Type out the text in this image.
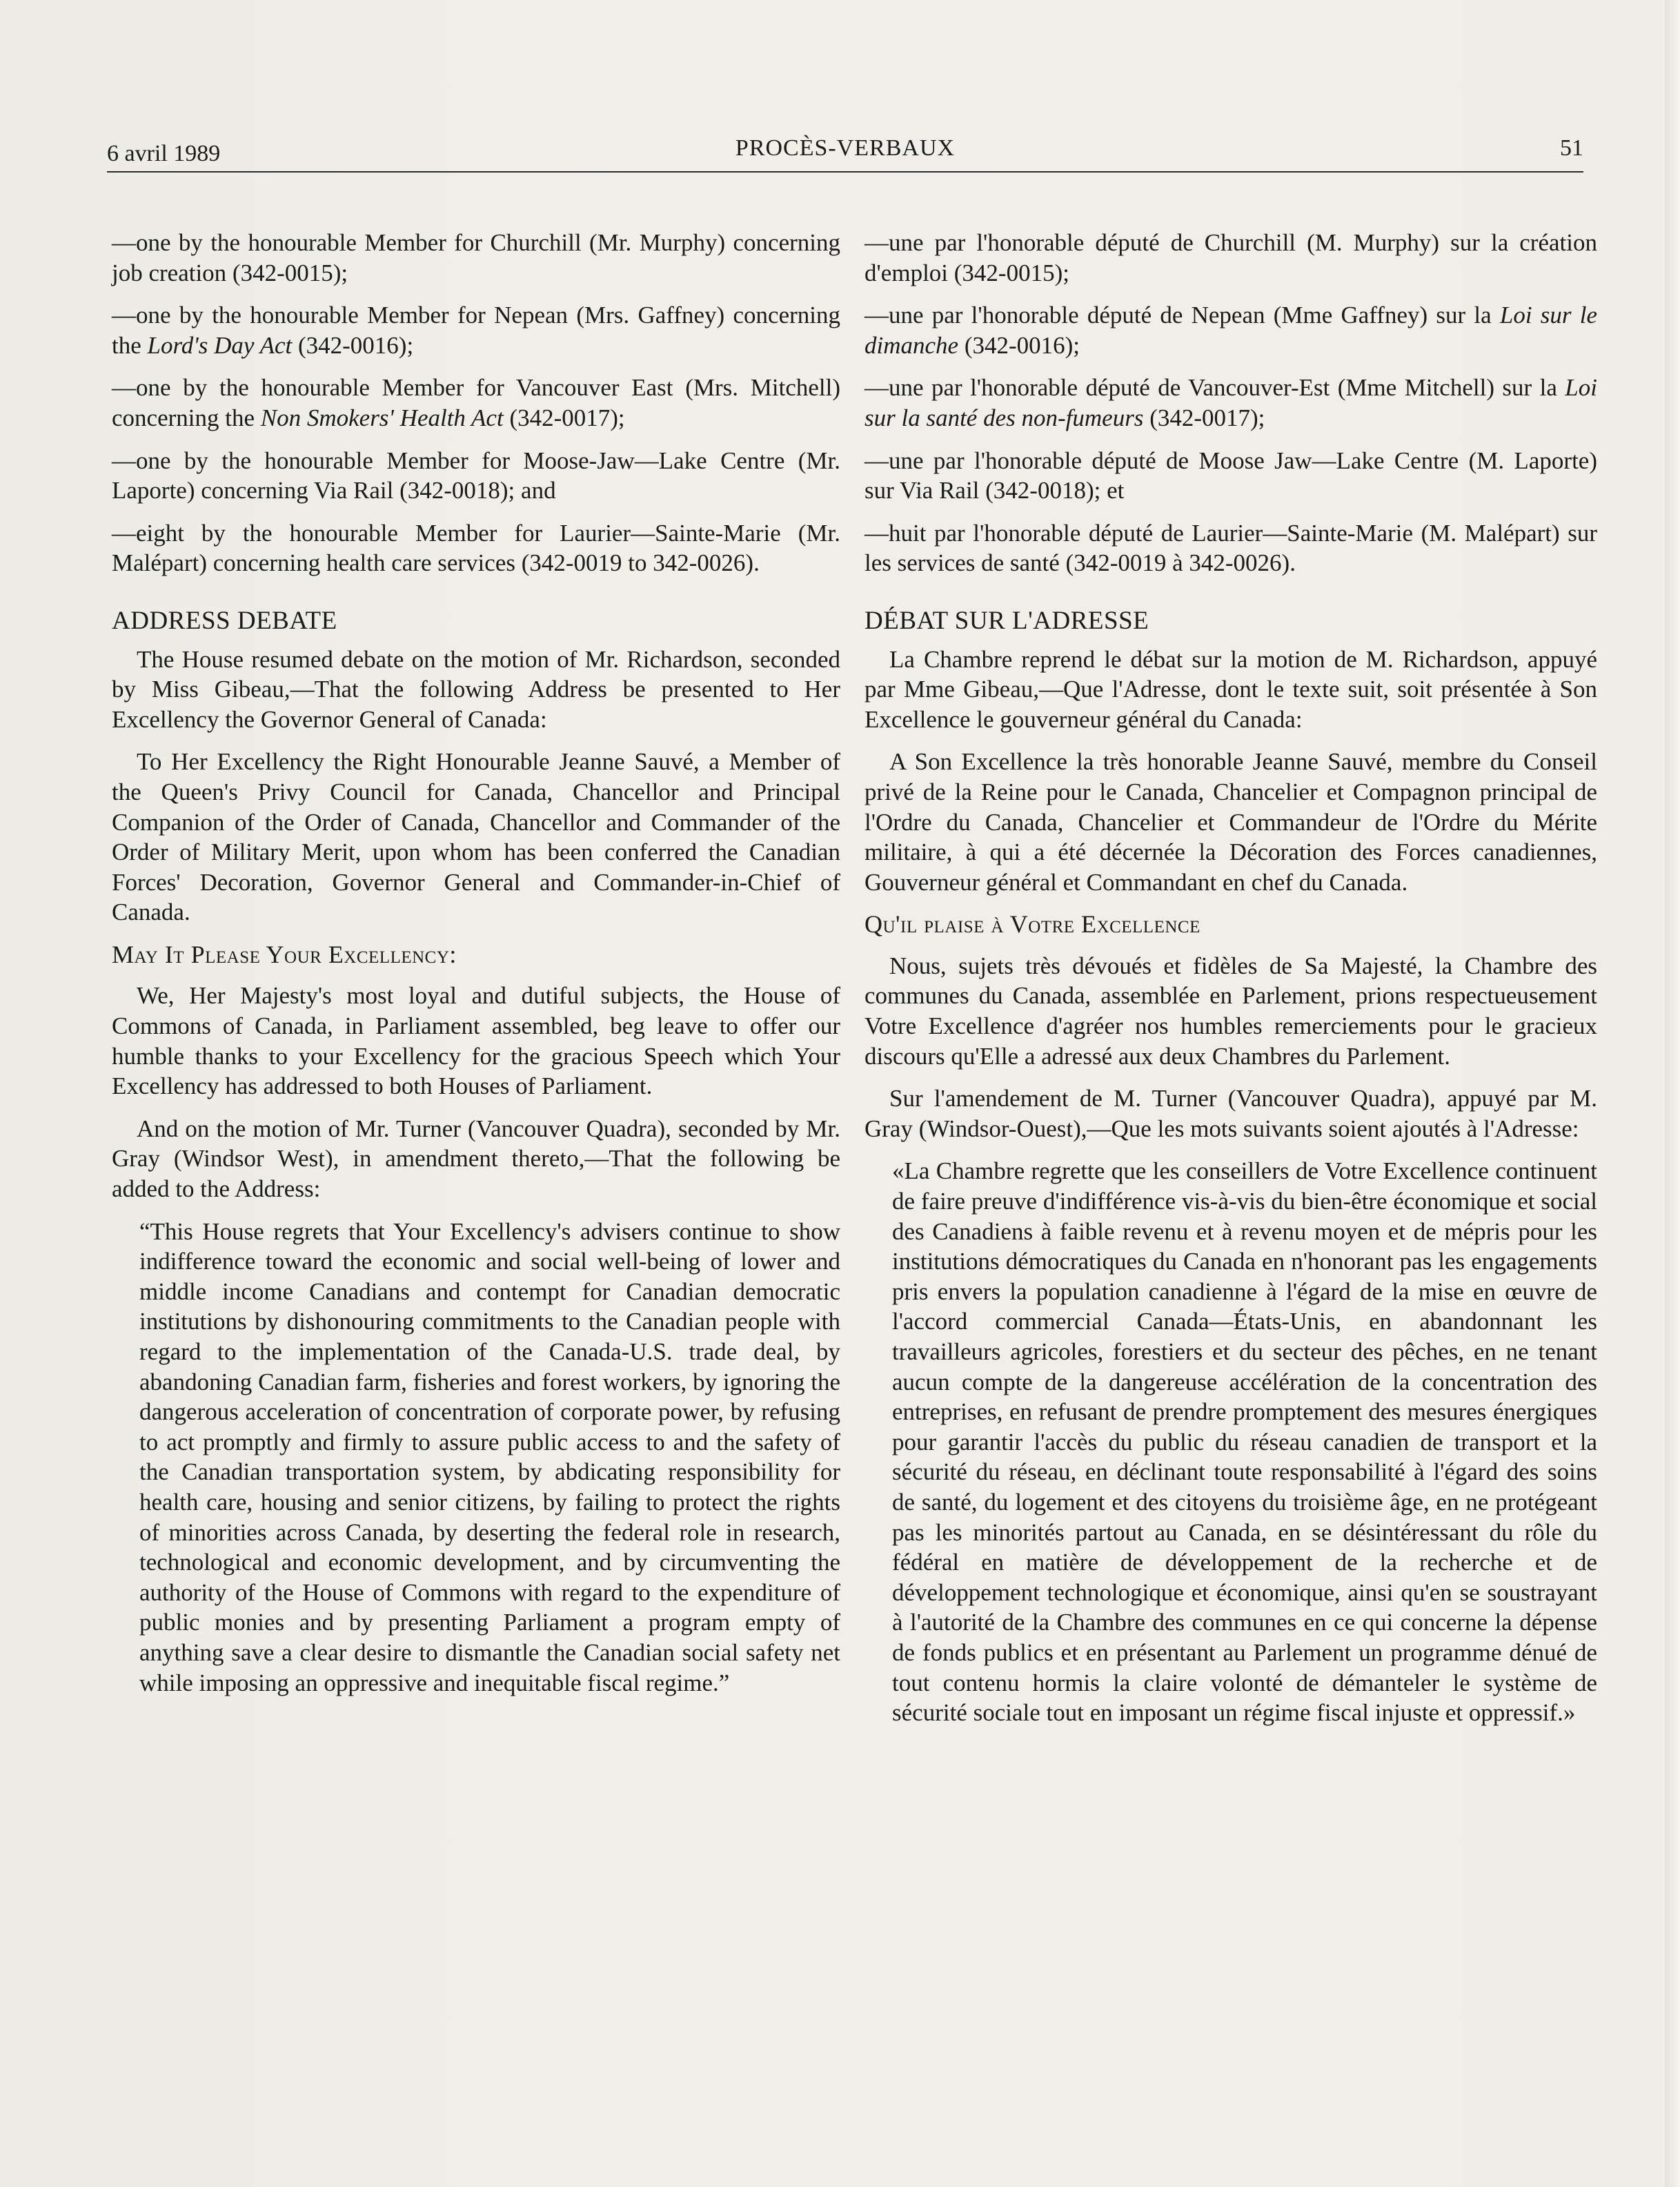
6 avril 1989	PROCÈS-VERBAUX	51

—one by the honourable Member for Churchill (Mr. Murphy) concerning job creation (342-0015);

—one by the honourable Member for Nepean (Mrs. Gaffney) concerning the Lord's Day Act (342-0016);

—one by the honourable Member for Vancouver East (Mrs. Mitchell) concerning the Non Smokers' Health Act (342-0017);

—one by the honourable Member for Moose-Jaw—Lake Centre (Mr. Laporte) concerning Via Rail (342-0018); and

—eight by the honourable Member for Laurier—Sainte-Marie (Mr. Malépart) concerning health care services (342-0019 to 342-0026).

ADDRESS DEBATE

The House resumed debate on the motion of Mr. Richardson, seconded by Miss Gibeau,—That the following Address be presented to Her Excellency the Governor General of Canada:

To Her Excellency the Right Honourable Jeanne Sauvé, a Member of the Queen's Privy Council for Canada, Chancellor and Principal Companion of the Order of Canada, Chancellor and Commander of the Order of Military Merit, upon whom has been conferred the Canadian Forces' Decoration, Governor General and Commander-in-Chief of Canada.

May It Please Your Excellency:

We, Her Majesty's most loyal and dutiful subjects, the House of Commons of Canada, in Parliament assembled, beg leave to offer our humble thanks to your Excellency for the gracious Speech which Your Excellency has addressed to both Houses of Parliament.

And on the motion of Mr. Turner (Vancouver Quadra), seconded by Mr. Gray (Windsor West), in amendment thereto,—That the following be added to the Address:

“This House regrets that Your Excellency's advisers continue to show indifference toward the economic and social well-being of lower and middle income Canadians and contempt for Canadian democratic institutions by dishonouring commitments to the Canadian people with regard to the implementation of the Canada-U.S. trade deal, by abandoning Canadian farm, fisheries and forest workers, by ignoring the dangerous acceleration of concentration of corporate power, by refusing to act promptly and firmly to assure public access to and the safety of the Canadian transportation system, by abdicating responsibility for health care, housing and senior citizens, by failing to protect the rights of minorities across Canada, by deserting the federal role in research, technological and economic development, and by circumventing the authority of the House of Commons with regard to the expenditure of public monies and by presenting Parliament a program empty of anything save a clear desire to dismantle the Canadian social safety net while imposing an oppressive and inequitable fiscal regime.”

—une par l'honorable député de Churchill (M. Murphy) sur la création d'emploi (342-0015);

—une par l'honorable député de Nepean (Mme Gaffney) sur la Loi sur le dimanche (342-0016);

—une par l'honorable député de Vancouver-Est (Mme Mitchell) sur la Loi sur la santé des non-fumeurs (342-0017);

—une par l'honorable député de Moose Jaw—Lake Centre (M. Laporte) sur Via Rail (342-0018); et

—huit par l'honorable député de Laurier—Sainte-Marie (M. Malépart) sur les services de santé (342-0019 à 342-0026).

DÉBAT SUR L'ADRESSE

La Chambre reprend le débat sur la motion de M. Richardson, appuyé par Mme Gibeau,—Que l'Adresse, dont le texte suit, soit présentée à Son Excellence le gouverneur général du Canada:

A Son Excellence la très honorable Jeanne Sauvé, membre du Conseil privé de la Reine pour le Canada, Chancelier et Compagnon principal de l'Ordre du Canada, Chancelier et Commandeur de l'Ordre du Mérite militaire, à qui a été décernée la Décoration des Forces canadiennes, Gouverneur général et Commandant en chef du Canada.

Qu'il plaise à Votre Excellence

Nous, sujets très dévoués et fidèles de Sa Majesté, la Chambre des communes du Canada, assemblée en Parlement, prions respectueusement Votre Excellence d'agréer nos humbles remerciements pour le gracieux discours qu'Elle a adressé aux deux Chambres du Parlement.

Sur l'amendement de M. Turner (Vancouver Quadra), appuyé par M. Gray (Windsor-Ouest),—Que les mots suivants soient ajoutés à l'Adresse:

«La Chambre regrette que les conseillers de Votre Excellence continuent de faire preuve d'indifférence vis-à-vis du bien-être économique et social des Canadiens à faible revenu et à revenu moyen et de mépris pour les institutions démocratiques du Canada en n'honorant pas les engagements pris envers la population canadienne à l'égard de la mise en œuvre de l'accord commercial Canada—États-Unis, en abandonnant les travailleurs agricoles, forestiers et du secteur des pêches, en ne tenant aucun compte de la dangereuse accélération de la concentration des entreprises, en refusant de prendre promptement des mesures énergiques pour garantir l'accès du public du réseau canadien de transport et la sécurité du réseau, en déclinant toute responsabilité à l'égard des soins de santé, du logement et des citoyens du troisième âge, en ne protégeant pas les minorités partout au Canada, en se désintéressant du rôle du fédéral en matière de développement de la recherche et de développement technologique et économique, ainsi qu'en se soustrayant à l'autorité de la Chambre des communes en ce qui concerne la dépense de fonds publics et en présentant au Parlement un programme dénué de tout contenu hormis la claire volonté de démanteler le système de sécurité sociale tout en imposant un régime fiscal injuste et oppressif.»
